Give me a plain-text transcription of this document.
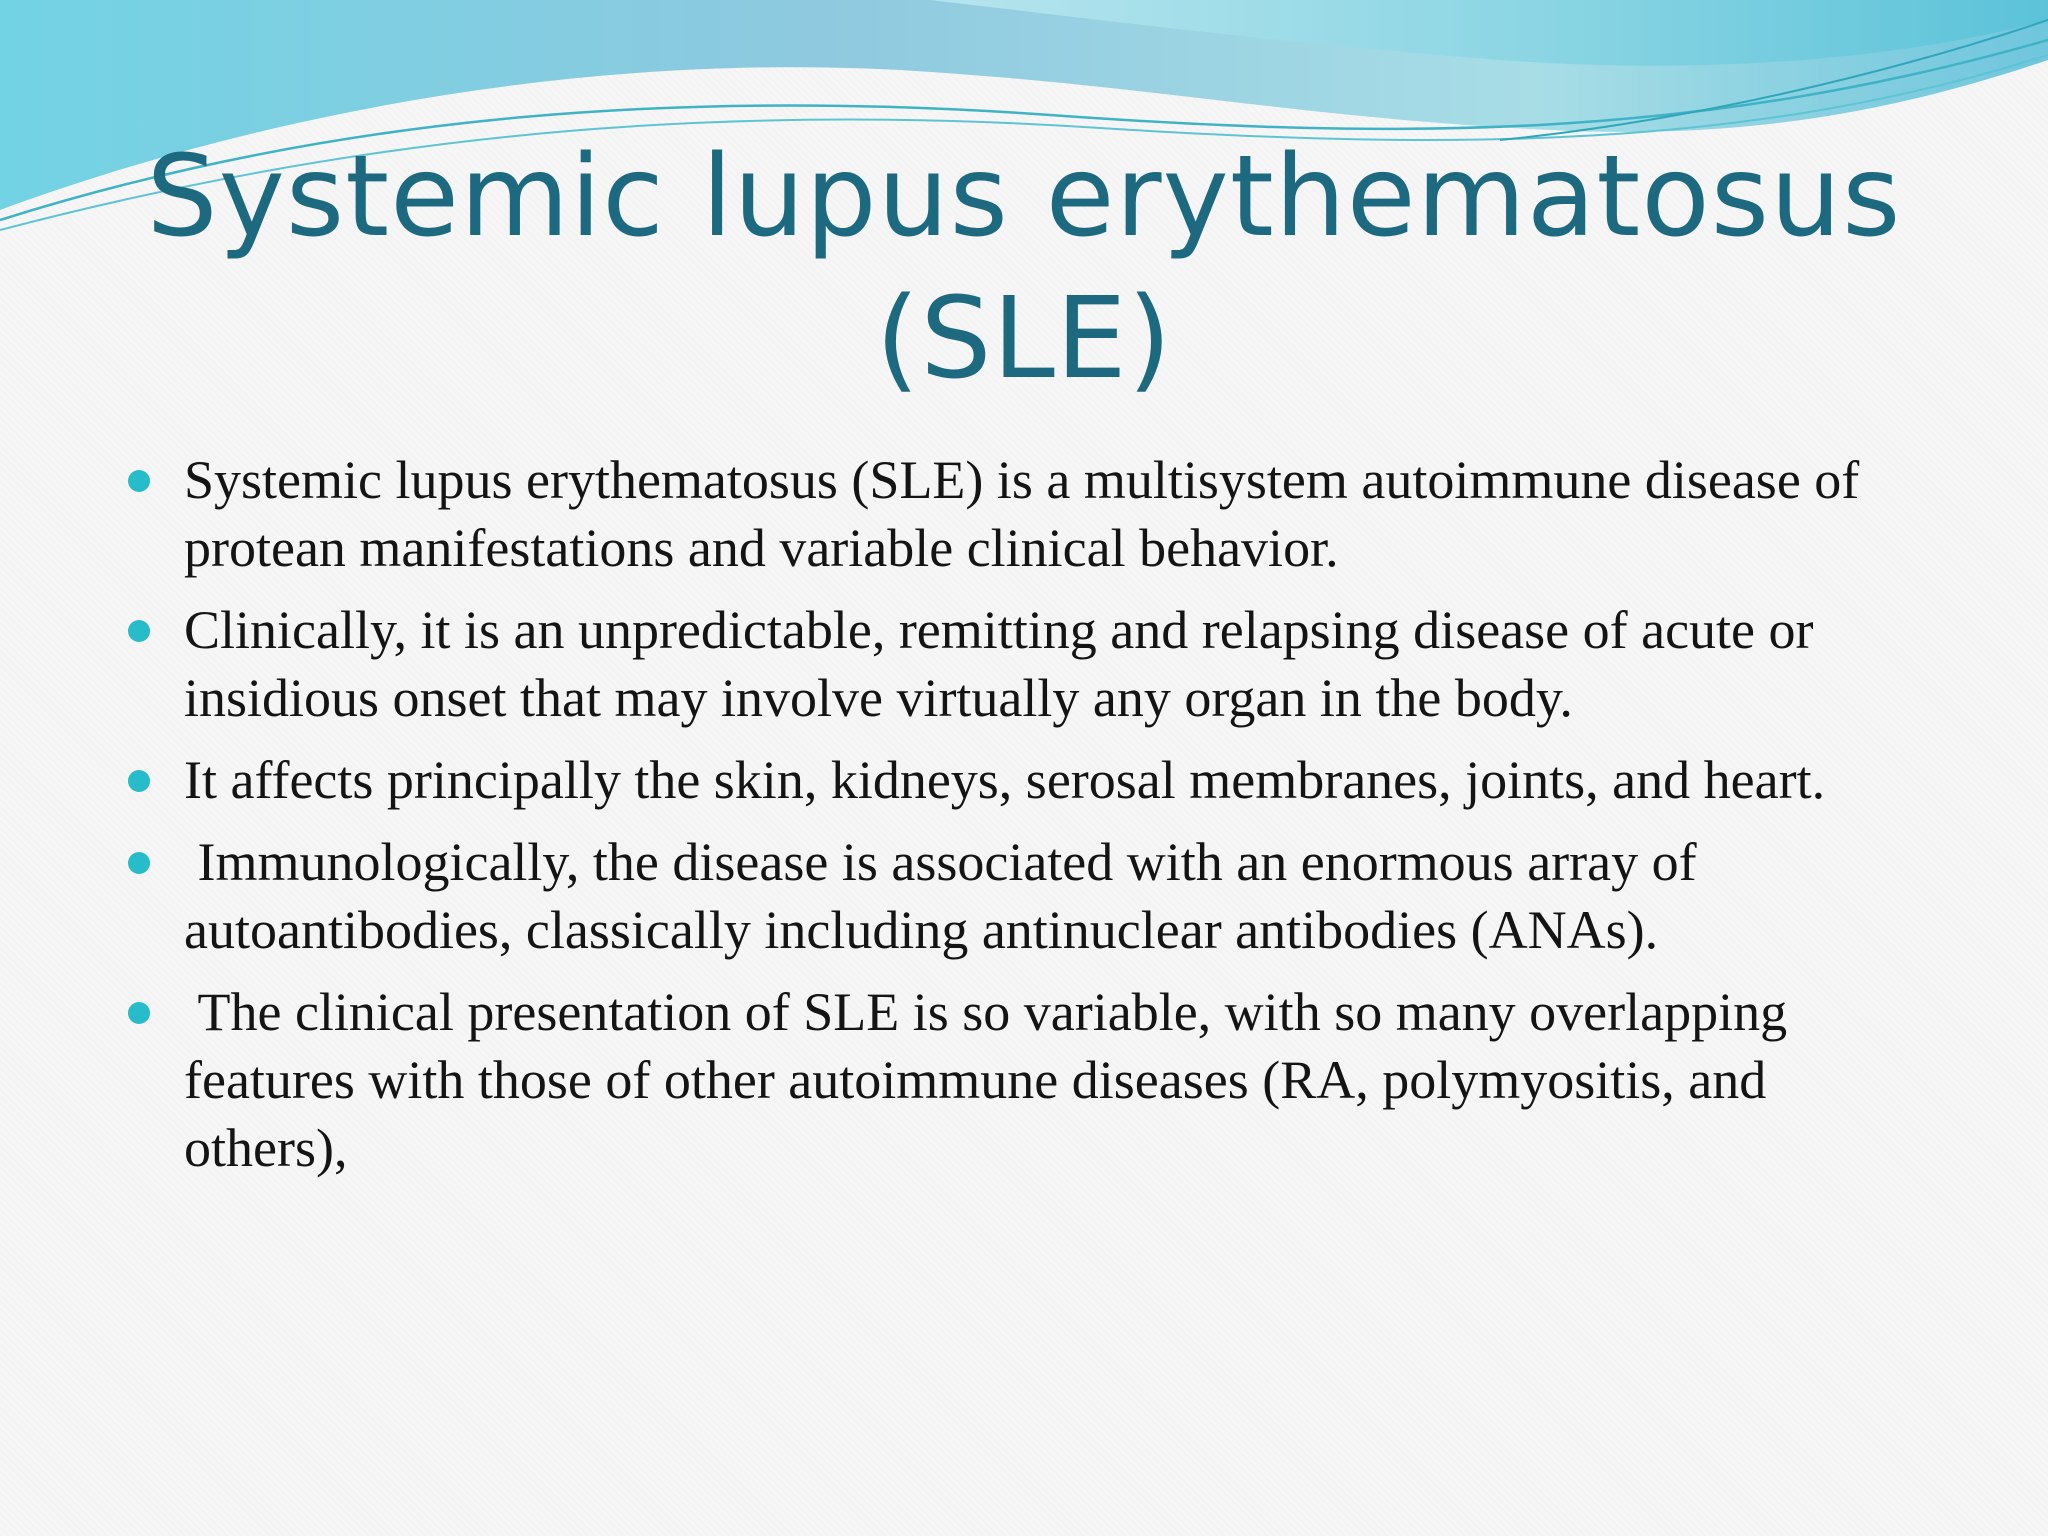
Systemic lupus erythematosus
(SLE)
Systemic lupus erythematosus (SLE) is a multisystem autoimmune disease of protean manifestations and variable clinical behavior.
Clinically, it is an unpredictable, remitting and relapsing disease of acute or insidious onset that may involve virtually any organ in the body.
It affects principally the skin, kidneys, serosal membranes, joints, and heart.
Immunologically, the disease is associated with an enormous array of autoantibodies, classically including antinuclear antibodies (ANAs).
The clinical presentation of SLE is so variable, with so many overlapping features with those of other autoimmune diseases (RA, polymyositis, and others),
